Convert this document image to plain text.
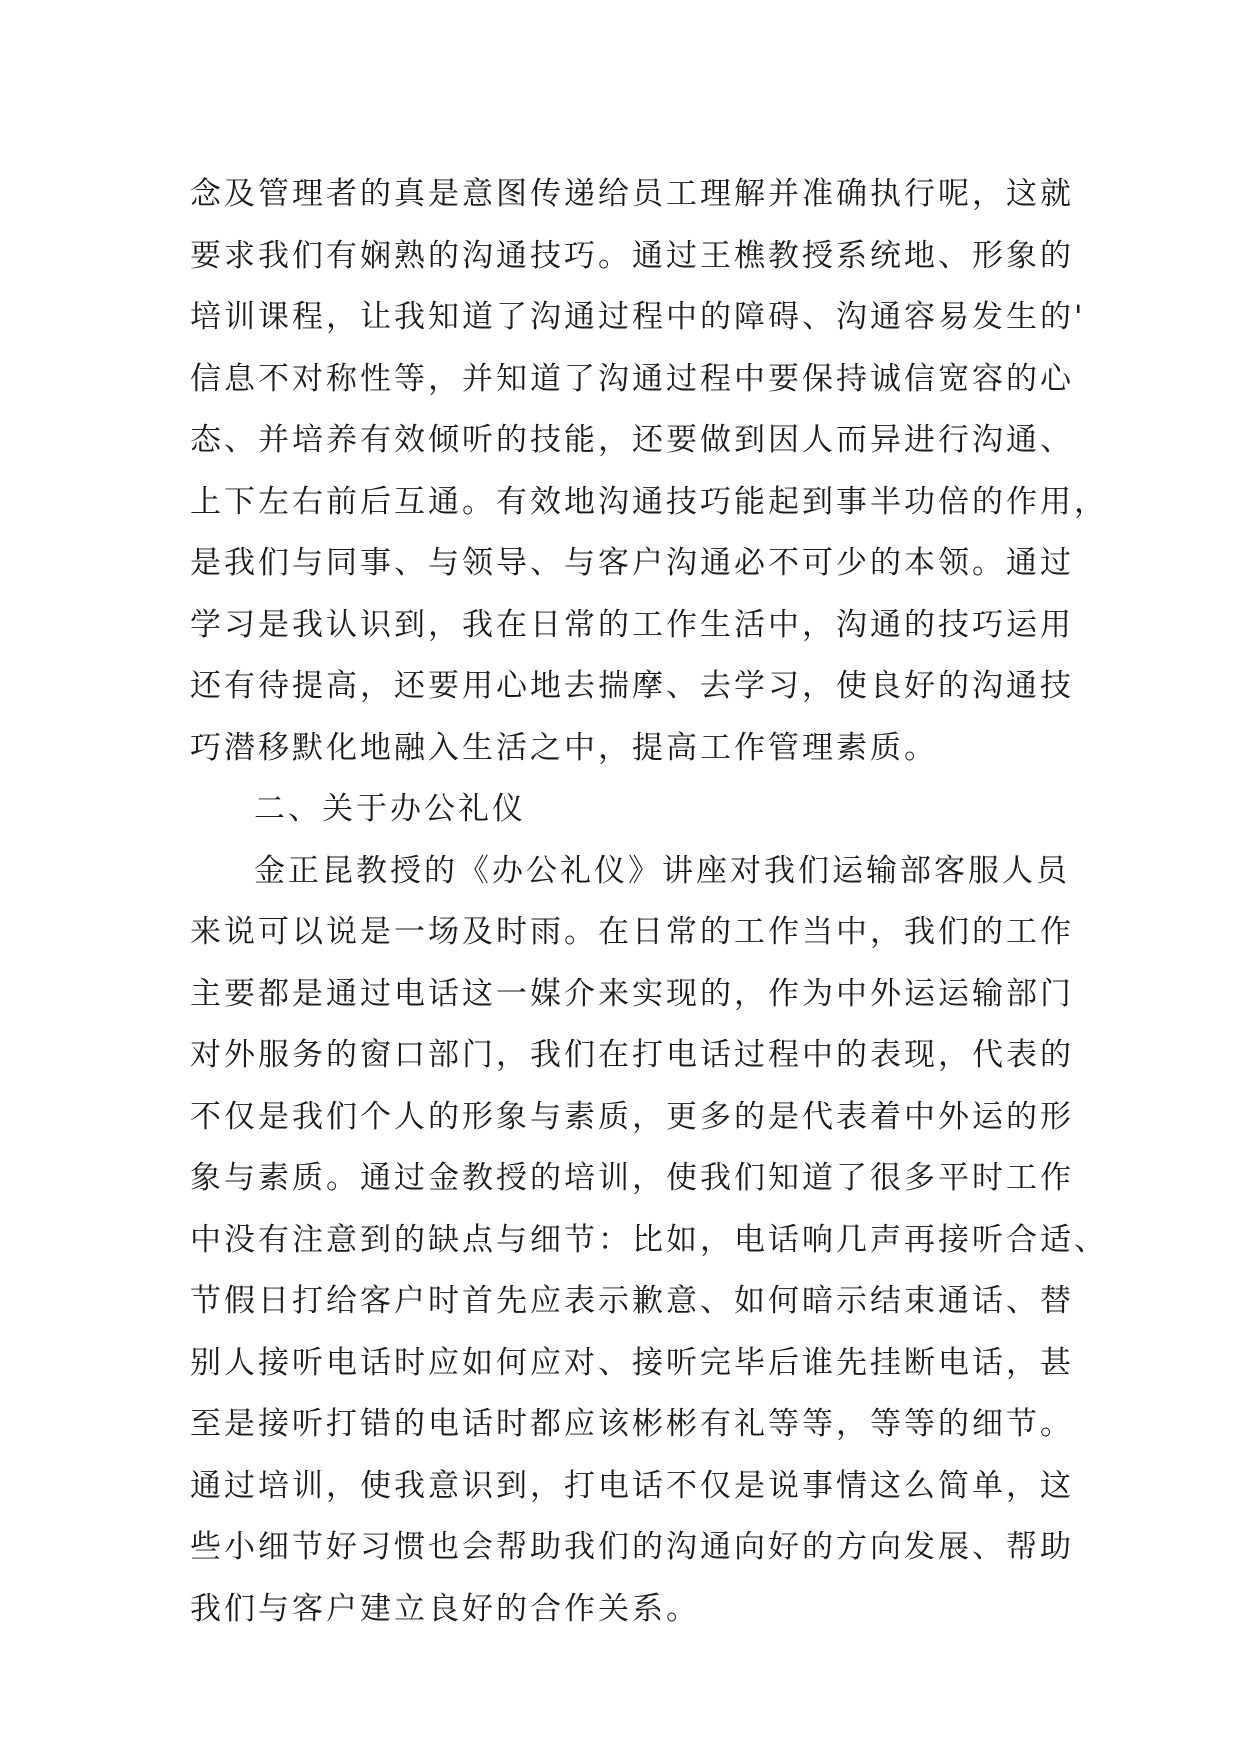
念及管理者的真是意图传递给员工理解并准确执行呢，这就
要求我们有娴熟的沟通技巧。通过王樵教授系统地、形象的
培训课程，让我知道了沟通过程中的障碍、沟通容易发生的'
信息不对称性等，并知道了沟通过程中要保持诚信宽容的心
态、并培养有效倾听的技能，还要做到因人而异进行沟通、
上下左右前后互通。有效地沟通技巧能起到事半功倍的作用，
是我们与同事、与领导、与客户沟通必不可少的本领。通过
学习是我认识到，我在日常的工作生活中，沟通的技巧运用
还有待提高，还要用心地去揣摩、去学习，使良好的沟通技
巧潜移默化地融入生活之中，提高工作管理素质。
二、关于办公礼仪
金正昆教授的《办公礼仪》讲座对我们运输部客服人员
来说可以说是一场及时雨。在日常的工作当中，我们的工作
主要都是通过电话这一媒介来实现的，作为中外运运输部门
对外服务的窗口部门，我们在打电话过程中的表现，代表的
不仅是我们个人的形象与素质，更多的是代表着中外运的形
象与素质。通过金教授的培训，使我们知道了很多平时工作
中没有注意到的缺点与细节：比如，电话响几声再接听合适、
节假日打给客户时首先应表示歉意、如何暗示结束通话、替
别人接听电话时应如何应对、接听完毕后谁先挂断电话，甚
至是接听打错的电话时都应该彬彬有礼等等，等等的细节。
通过培训，使我意识到，打电话不仅是说事情这么简单，这
些小细节好习惯也会帮助我们的沟通向好的方向发展、帮助
我们与客户建立良好的合作关系。
